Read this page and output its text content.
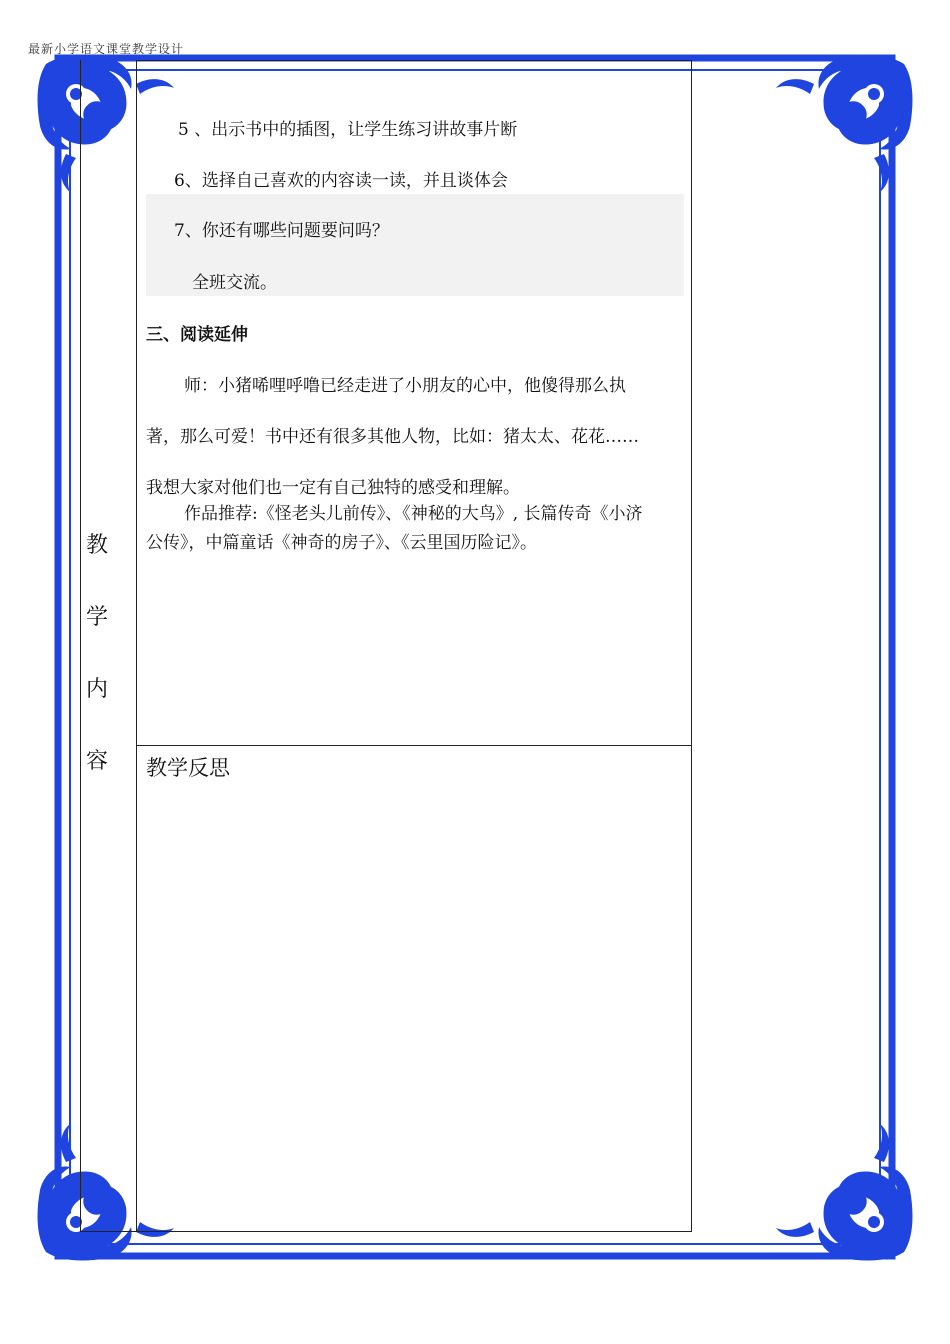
最新小学语文课堂教学设计
教
学
内
容
5 、出示书中的插图，让学生练习讲故事片断
6、选择自己喜欢的内容读一读，并且谈体会
7、你还有哪些问题要问吗？
全班交流。
三、阅读延伸
师：小猪唏哩呼噜已经走进了小朋友的心中，他傻得那么执
著，那么可爱！书中还有很多其他人物，比如：猪太太、花花……
我想大家对他们也一定有自己独特的感受和理解。
作品推荐:《怪老头儿前传》、《神秘的大鸟》, 长篇传奇《小济
公传》，中篇童话《神奇的房子》、《云里国历险记》。
教学反思
